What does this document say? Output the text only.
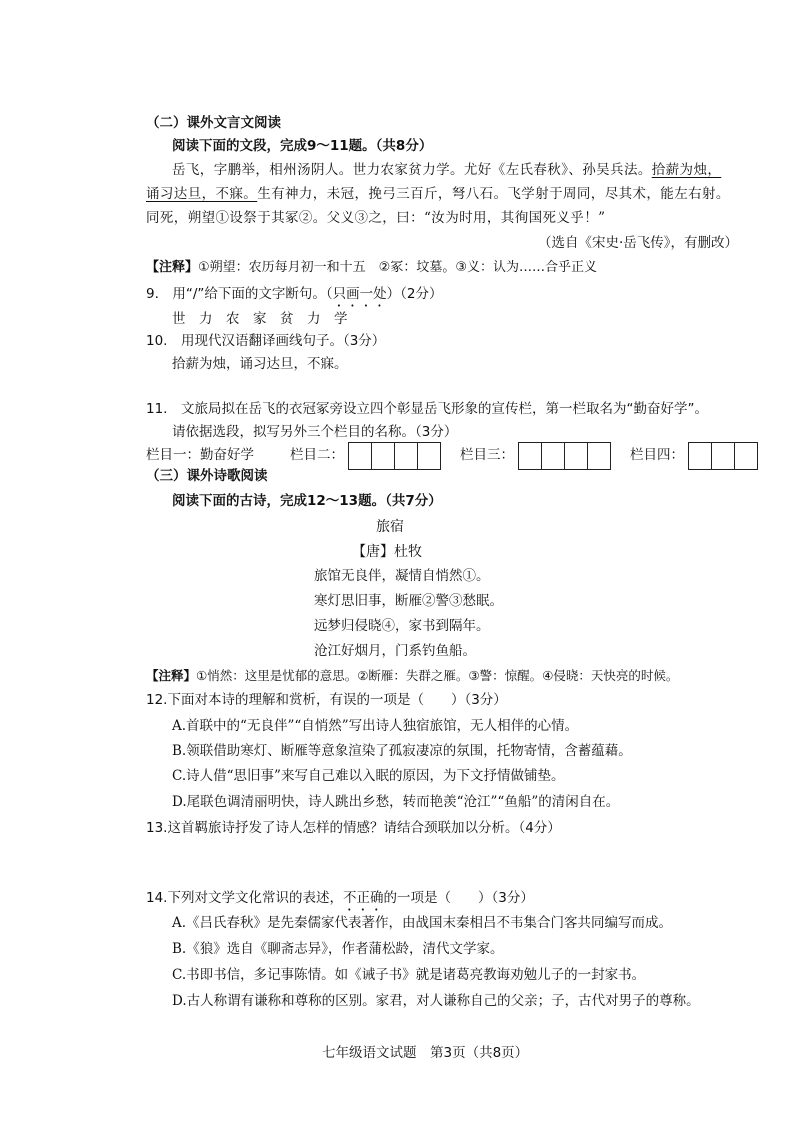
（二）课外文言文阅读
阅读下面的文段，完成9～11题。（共8分）
岳飞，字鹏举，相州汤阴人。世力农家贫力学。尤好《左氏春秋》、孙吴兵法。拾薪为烛，
诵习达旦，不寐。生有神力，未冠，挽弓三百斤，弩八石。飞学射于周同，尽其术，能左右射。
同死，朔望①设祭于其冢②。父义③之，曰：“汝为时用，其徇国死义乎！”
（选自《宋史·岳飞传》，有删改）
【注释】①朔望：农历每月初一和十五　②冢：坟墓。③义：认为……合乎正义
9.　用“/”给下面的文字断句。（只画一处）（2分）
世　力　农　家　贫　力　学
10.　用现代汉语翻译画线句子。（3分）
拾薪为烛，诵习达旦，不寐。
11.　文旅局拟在岳飞的衣冠冢旁设立四个彰显岳飞形象的宣传栏，第一栏取名为“勤奋好学”。
请依据选段，拟写另外三个栏目的名称。（3分）
栏目一：勤奋好学	栏目二：	栏目三：	栏目四：
（三）课外诗歌阅读
阅读下面的古诗，完成12～13题。（共7分）
旅宿
【唐】杜牧
旅馆无良伴，凝情自悄然①。
寒灯思旧事，断雁②警③愁眠。
远梦归侵晓④，家书到隔年。
沧江好烟月，门系钓鱼船。
【注释】①悄然：这里是忧郁的意思。②断雁：失群之雁。③警：惊醒。④侵晓：天快亮的时候。
12.下面对本诗的理解和赏析，有误的一项是（　　）（3分）
A.首联中的“无良伴”“自悄然”写出诗人独宿旅馆，无人相伴的心情。
B.领联借助寒灯、断雁等意象渲染了孤寂凄凉的氛围，托物寄情，含蓄蕴藉。
C.诗人借“思旧事”来写自己难以入眠的原因，为下文抒情做铺垫。
D.尾联色调清丽明快，诗人跳出乡愁，转而艳羡“沧江”“鱼船”的清闲自在。
13.这首羁旅诗抒发了诗人怎样的情感？请结合颈联加以分析。（4分）
14.下列对文学文化常识的表述，不正确的一项是（　　）（3分）
A.《吕氏春秋》是先秦儒家代表著作，由战国末秦相吕不韦集合门客共同编写而成。
B.《狼》选自《聊斋志异》，作者蒲松龄，清代文学家。
C.书即书信，多记事陈情。如《诫子书》就是诸葛亮教诲劝勉儿子的一封家书。
D.古人称谓有谦称和尊称的区别。家君，对人谦称自己的父亲；子，古代对男子的尊称。
七年级语文试题　第3页（共8页）
